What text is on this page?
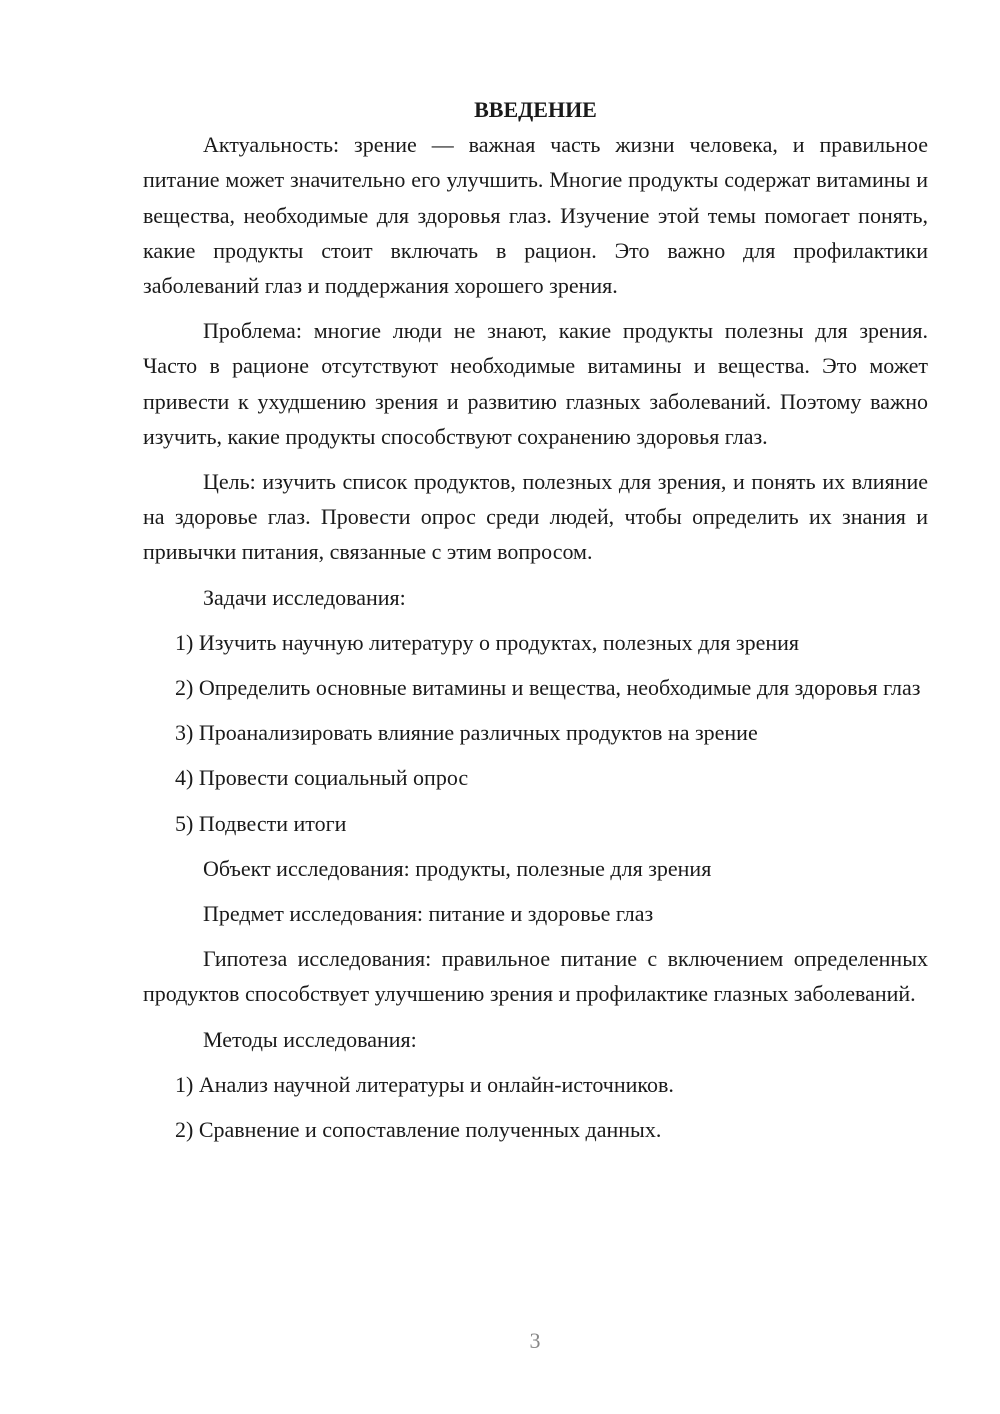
ВВЕДЕНИЕ
Актуальность: зрение — важная часть жизни человека, и правильное питание может значительно его улучшить. Многие продукты содержат витамины и вещества, необходимые для здоровья глаз. Изучение этой темы помогает понять, какие продукты стоит включать в рацион. Это важно для профилактики заболеваний глаз и поддержания хорошего зрения.
Проблема: многие люди не знают, какие продукты полезны для зрения. Часто в рационе отсутствуют необходимые витамины и вещества. Это может привести к ухудшению зрения и развитию глазных заболеваний. Поэтому важно изучить, какие продукты способствуют сохранению здоровья глаз.
Цель: изучить список продуктов, полезных для зрения, и понять их влияние на здоровье глаз. Провести опрос среди людей, чтобы определить их знания и привычки питания, связанные с этим вопросом.
Задачи исследования:
1) Изучить научную литературу о продуктах, полезных для зрения
2) Определить основные витамины и вещества, необходимые для здоровья глаз
3) Проанализировать влияние различных продуктов на зрение
4) Провести социальный опрос
5) Подвести итоги
Объект исследования: продукты, полезные для зрения
Предмет исследования: питание и здоровье глаз
Гипотеза исследования: правильное питание с включением определенных продуктов способствует улучшению зрения и профилактике глазных заболеваний.
Методы исследования:
1) Анализ научной литературы и онлайн-источников.
2) Сравнение и сопоставление полученных данных.
3
